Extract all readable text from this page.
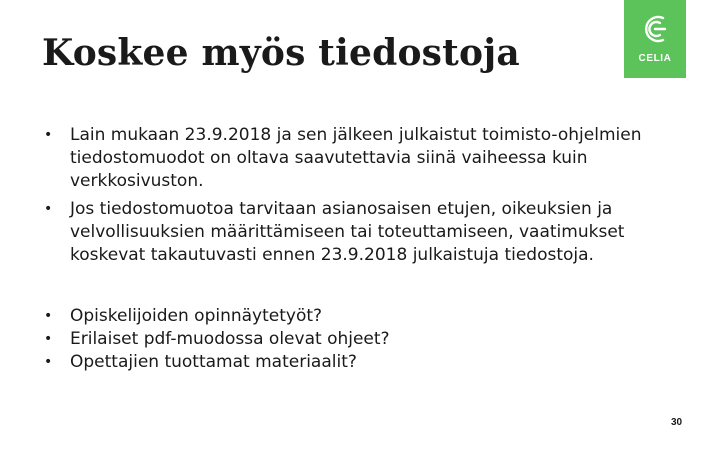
Koskee myös tiedostoja	CELIA
• Lain mukaan 23.9.2018 ja sen jälkeen julkaistut toimisto-ohjelmien tiedostomuodot on oltava saavutettavia siinä vaiheessa kuin verkkosivuston.
• Jos tiedostomuotoa tarvitaan asianosaisen etujen, oikeuksien ja velvollisuuksien määrittämiseen tai toteuttamiseen, vaatimukset koskevat takautuvasti ennen 23.9.2018 julkaistuja tiedostoja.
• Opiskelijoiden opinnäytetyöt?
• Erilaiset pdf-muodossa olevat ohjeet?
• Opettajien tuottamat materiaalit?
30
